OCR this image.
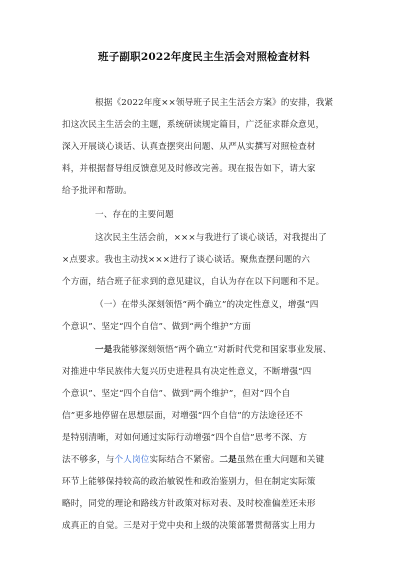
班子副职2022年度民主生活会对照检查材料
根据《2022年度××领导班子民主生活会方案》的安排，我紧
扣这次民主生活会的主题，系统研读规定篇目，广泛征求群众意见，
深入开展谈心谈话、认真查摆突出问题、从严从实撰写对照检查材
料，并根据督导组反馈意见及时修改完善。现在报告如下，请大家
给予批评和帮助。
一、存在的主要问题
这次民主生活会前，×××与我进行了谈心谈话，对我提出了
×点要求。我也主动找×××进行了谈心谈话。聚焦查摆问题的六
个方面，结合班子征求到的意见建议，自认为存在以下问题和不足。
（一）在带头深刻领悟“两个确立”的决定性意义，增强“四
个意识”、坚定“四个自信”、做到“两个维护”方面
一是我能够深刻领悟“两个确立”对新时代党和国家事业发展、
对推进中华民族伟大复兴历史进程具有决定性意义，不断增强“四
个意识”、坚定“四个自信”、做到“两个维护”，但对“四个自
信”更多地停留在思想层面，对增强“四个自信”的方法途径还不
是特别清晰，对如何通过实际行动增强“四个自信”思考不深、方
法不够多，与个人岗位实际结合不紧密。二是虽然在重大问题和关键
环节上能够保持较高的政治敏锐性和政治鉴别力，但在制定实际策
略时，同党的理论和路线方针政策对标对表、及时校准偏差还未形
成真正的自觉。三是对于党中央和上级的决策部署贯彻落实上用力
